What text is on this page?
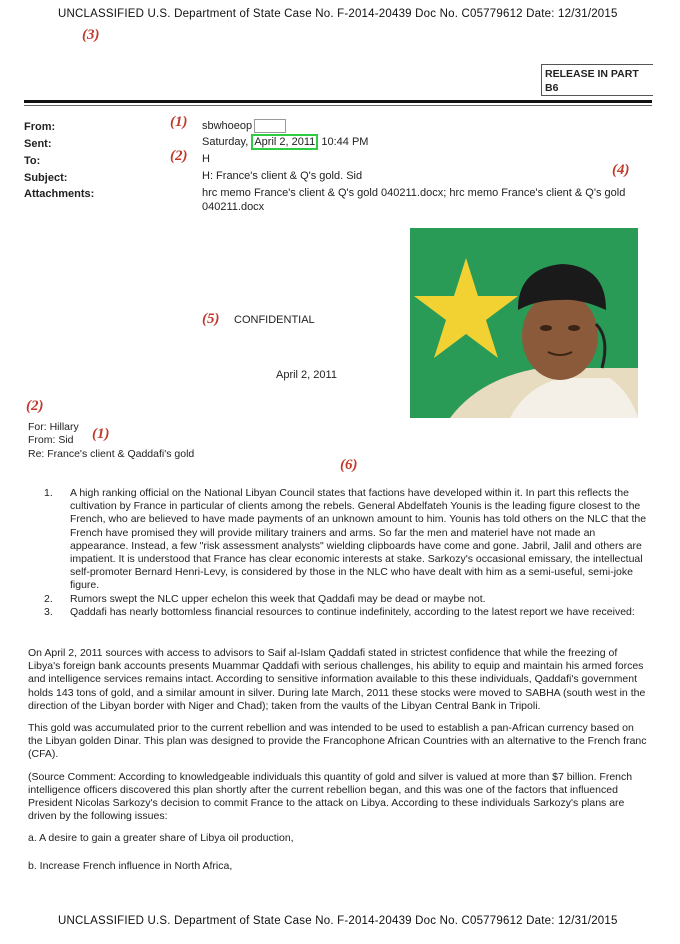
UNCLASSIFIED U.S. Department of State Case No. F-2014-20439 Doc No. C05779612 Date: 12/31/2015
(3)
RELEASE IN PART
B6
From:	(1) sbwhoeop
Sent:	Saturday, April 2, 2011 10:44 PM
To:	(2) H
Subject:	H: France's client & Q's gold. Sid	(4)
Attachments:	hrc memo France's client & Q's gold 040211.docx; hrc memo France's client & Q's gold 040211.docx
(5) CONFIDENTIAL
April 2, 2011
(2)
For: Hillary
From: Sid (1)
Re: France's client & Qaddafi's gold
(6)
1. A high ranking official on the National Libyan Council states that factions have developed within it. In part this reflects the cultivation by France in particular of clients among the rebels. General Abdelfateh Younis is the leading figure closest to the French, who are believed to have made payments of an unknown amount to him. Younis has told others on the NLC that the French have promised they will provide military trainers and arms. So far the men and materiel have not made an appearance. Instead, a few "risk assessment analysts" wielding clipboards have come and gone. Jabril, Jalil and others are impatient. It is understood that France has clear economic interests at stake. Sarkozy's occasional emissary, the intellectual self-promoter Bernard Henri-Levy, is considered by those in the NLC who have dealt with him as a semi-useful, semi-joke figure.
2. Rumors swept the NLC upper echelon this week that Qaddafi may be dead or maybe not.
3. Qaddafi has nearly bottomless financial resources to continue indefinitely, according to the latest report we have received:

On April 2, 2011 sources with access to advisors to Saif al-Islam Qaddafi stated in strictest confidence that while the freezing of Libya's foreign bank accounts presents Muammar Qaddafi with serious challenges, his ability to equip and maintain his armed forces and intelligence services remains intact. According to sensitive information available to this these individuals, Qaddafi's government holds 143 tons of gold, and a similar amount in silver. During late March, 2011 these stocks were moved to SABHA (south west in the direction of the Libyan border with Niger and Chad); taken from the vaults of the Libyan Central Bank in Tripoli.

This gold was accumulated prior to the current rebellion and was intended to be used to establish a pan-African currency based on the Libyan golden Dinar. This plan was designed to provide the Francophone African Countries with an alternative to the French franc (CFA).

(Source Comment: According to knowledgeable individuals this quantity of gold and silver is valued at more than $7 billion. French intelligence officers discovered this plan shortly after the current rebellion began, and this was one of the factors that influenced President Nicolas Sarkozy's decision to commit France to the attack on Libya. According to these individuals Sarkozy's plans are driven by the following issues:

a. A desire to gain a greater share of Libya oil production,

b. Increase French influence in North Africa,

UNCLASSIFIED U.S. Department of State Case No. F-2014-20439 Doc No. C05779612 Date: 12/31/2015
